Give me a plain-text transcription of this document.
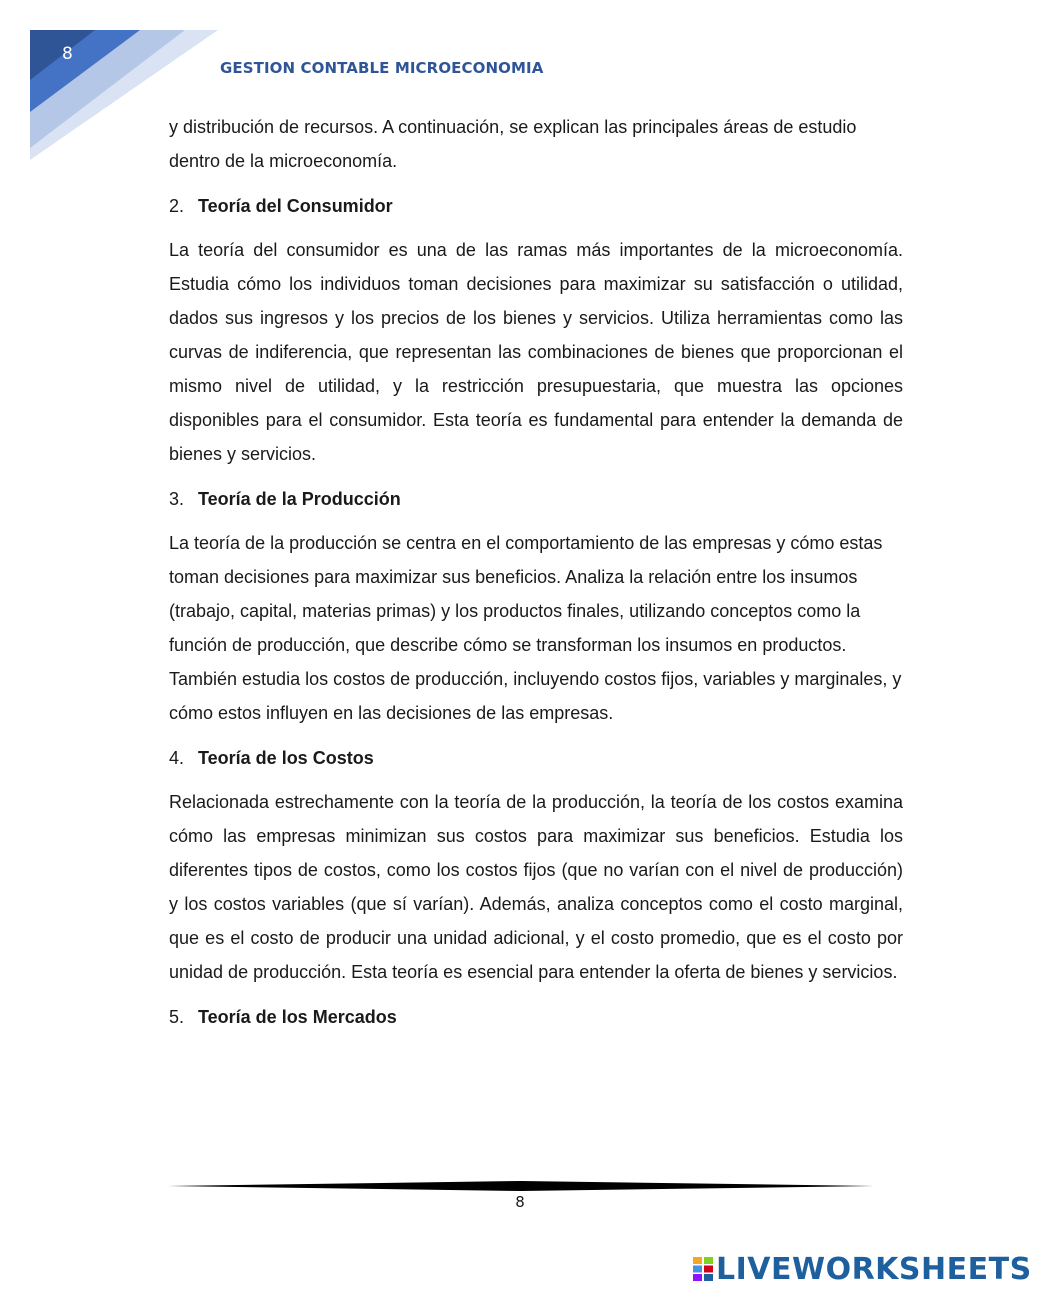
8
GESTION CONTABLE MICROECONOMIA

y distribución de recursos. A continuación, se explican las principales áreas de estudio dentro de la microeconomía.

2. Teoría del Consumidor

La teoría del consumidor es una de las ramas más importantes de la microeconomía. Estudia cómo los individuos toman decisiones para maximizar su satisfacción o utilidad, dados sus ingresos y los precios de los bienes y servicios. Utiliza herramientas como las curvas de indiferencia, que representan las combinaciones de bienes que proporcionan el mismo nivel de utilidad, y la restricción presupuestaria, que muestra las opciones disponibles para el consumidor. Esta teoría es fundamental para entender la demanda de bienes y servicios.

3. Teoría de la Producción

La teoría de la producción se centra en el comportamiento de las empresas y cómo estas toman decisiones para maximizar sus beneficios. Analiza la relación entre los insumos (trabajo, capital, materias primas) y los productos finales, utilizando conceptos como la función de producción, que describe cómo se transforman los insumos en productos. También estudia los costos de producción, incluyendo costos fijos, variables y marginales, y cómo estos influyen en las decisiones de las empresas.

4. Teoría de los Costos

Relacionada estrechamente con la teoría de la producción, la teoría de los costos examina cómo las empresas minimizan sus costos para maximizar sus beneficios. Estudia los diferentes tipos de costos, como los costos fijos (que no varían con el nivel de producción) y los costos variables (que sí varían). Además, analiza conceptos como el costo marginal, que es el costo de producir una unidad adicional, y el costo promedio, que es el costo por unidad de producción. Esta teoría es esencial para entender la oferta de bienes y servicios.

5. Teoría de los Mercados
8
LIVEWORKSHEETS
